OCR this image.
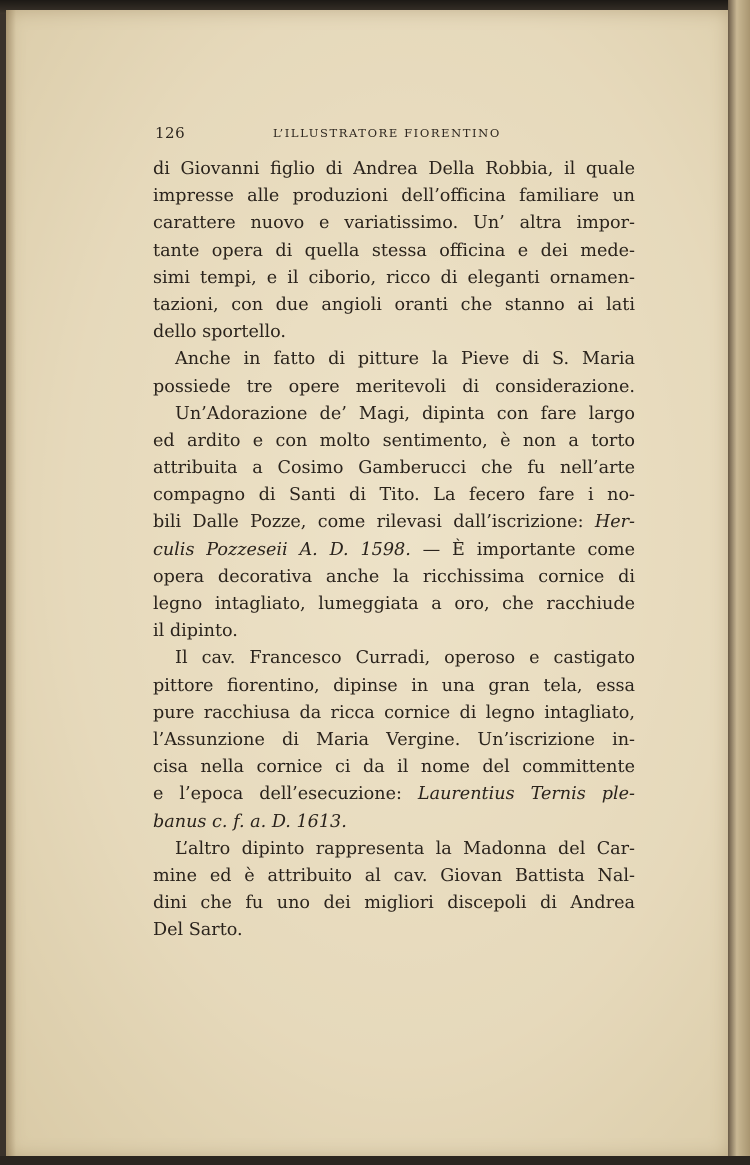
126	L’ILLUSTRATORE FIORENTINO
di Giovanni figlio di Andrea Della Robbia, il quale
impresse alle produzioni dell’officina familiare un
carattere nuovo e variatissimo. Un’ altra impor-
tante opera di quella stessa officina e dei mede-
simi tempi, e il ciborio, ricco di eleganti ornamen-
tazioni, con due angioli oranti che stanno ai lati
dello sportello.
Anche in fatto di pitture la Pieve di S. Maria
possiede tre opere meritevoli di considerazione.
Un’Adorazione de’ Magi, dipinta con fare largo
ed ardito e con molto sentimento, è non a torto
attribuita a Cosimo Gamberucci che fu nell’arte
compagno di Santi di Tito. La fecero fare i no-
bili Dalle Pozze, come rilevasi dall’iscrizione: Her-
culis Pozzeseii A. D. 1598. — È importante come
opera decorativa anche la ricchissima cornice di
legno intagliato, lumeggiata a oro, che racchiude
il dipinto.
Il cav. Francesco Curradi, operoso e castigato
pittore fiorentino, dipinse in una gran tela, essa
pure racchiusa da ricca cornice di legno intagliato,
l’Assunzione di Maria Vergine. Un’iscrizione in-
cisa nella cornice ci da il nome del committente
e l’epoca dell’esecuzione: Laurentius Ternis ple-
banus c. f. a. D. 1613.
L’altro dipinto rappresenta la Madonna del Car-
mine ed è attribuito al cav. Giovan Battista Nal-
dini che fu uno dei migliori discepoli di Andrea
Del Sarto.
